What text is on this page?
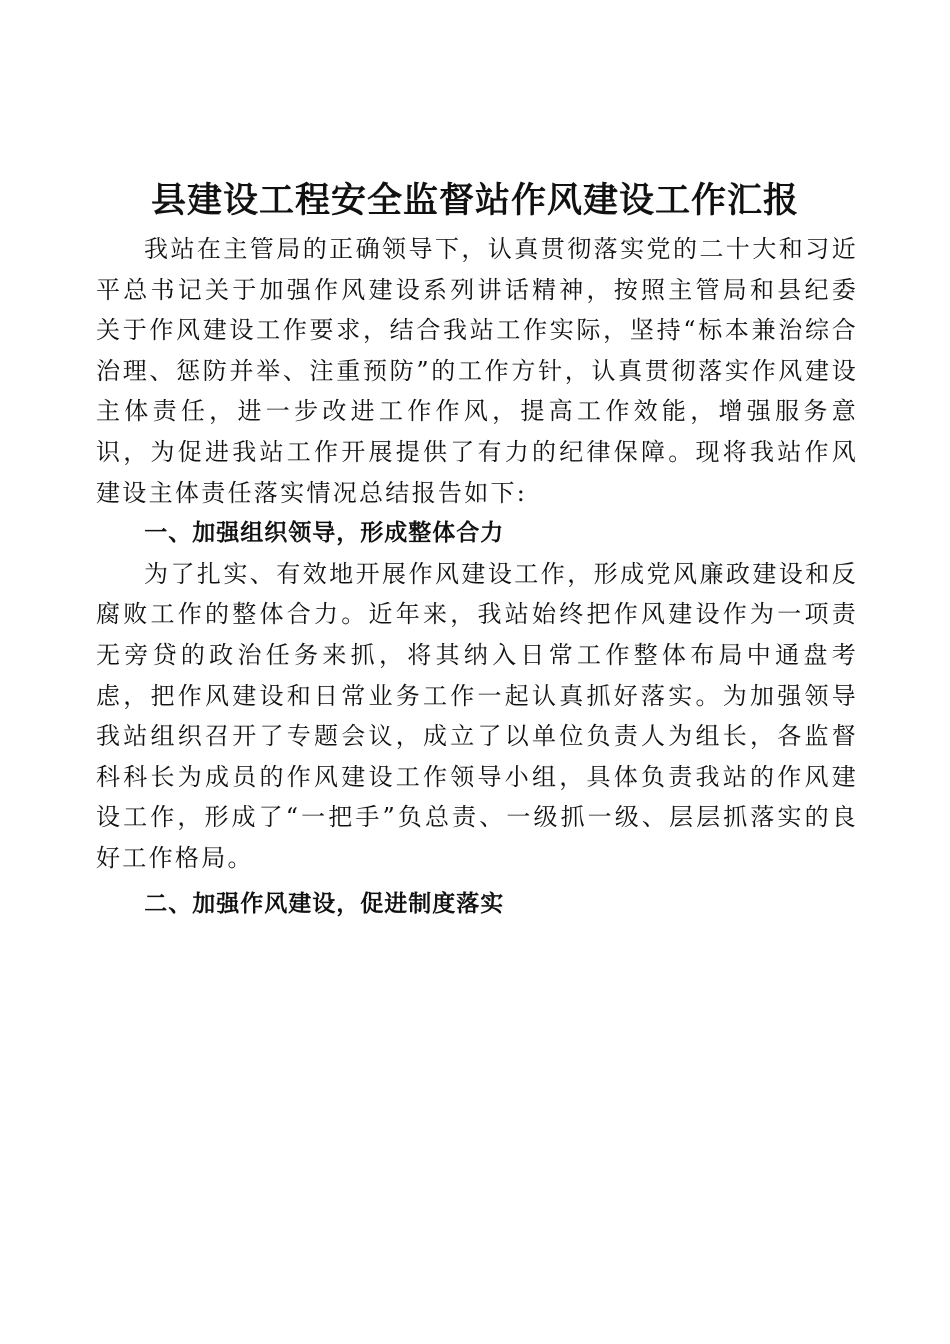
县建设工程安全监督站作风建设工作汇报

我站在主管局的正确领导下，认真贯彻落实党的二十大和习近平总书记关于加强作风建设系列讲话精神，按照主管局和县纪委关于作风建设工作要求，结合我站工作实际，坚持“标本兼治综合治理、惩防并举、注重预防”的工作方针，认真贯彻落实作风建设主体责任，进一步改进工作作风，提高工作效能，增强服务意识，为促进我站工作开展提供了有力的纪律保障。现将我站作风建设主体责任落实情况总结报告如下:

一、加强组织领导，形成整体合力

为了扎实、有效地开展作风建设工作，形成党风廉政建设和反腐败工作的整体合力。近年来，我站始终把作风建设作为一项责无旁贷的政治任务来抓，将其纳入日常工作整体布局中通盘考虑，把作风建设和日常业务工作一起认真抓好落实。为加强领导我站组织召开了专题会议，成立了以单位负责人为组长，各监督科科长为成员的作风建设工作领导小组，具体负责我站的作风建设工作，形成了“一把手”负总责、一级抓一级、层层抓落实的良好工作格局。

二、加强作风建设，促进制度落实
